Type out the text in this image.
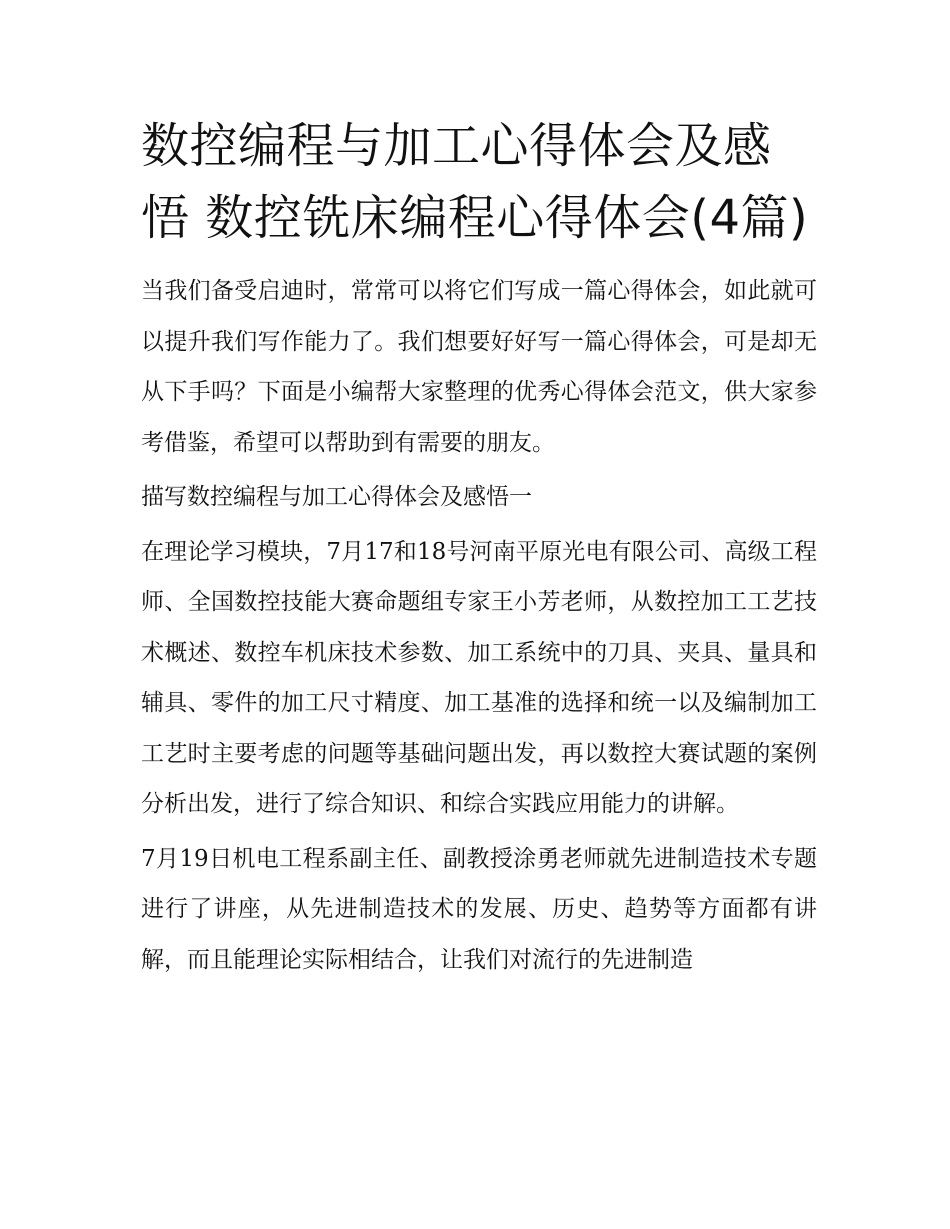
数控编程与加工心得体会及感悟 数控铣床编程心得体会(4篇)

当我们备受启迪时，常常可以将它们写成一篇心得体会，如此就可以提升我们写作能力了。我们想要好好写一篇心得体会，可是却无从下手吗？下面是小编帮大家整理的优秀心得体会范文，供大家参考借鉴，希望可以帮助到有需要的朋友。

描写数控编程与加工心得体会及感悟一

在理论学习模块，7月17和18号河南平原光电有限公司、高级工程师、全国数控技能大赛命题组专家王小芳老师，从数控加工工艺技术概述、数控车机床技术参数、加工系统中的刀具、夹具、量具和辅具、零件的加工尺寸精度、加工基准的选择和统一以及编制加工工艺时主要考虑的问题等基础问题出发，再以数控大赛试题的案例分析出发，进行了综合知识、和综合实践应用能力的讲解。

7月19日机电工程系副主任、副教授涂勇老师就先进制造技术专题进行了讲座，从先进制造技术的发展、历史、趋势等方面都有讲解，而且能理论实际相结合，让我们对流行的先进制造
